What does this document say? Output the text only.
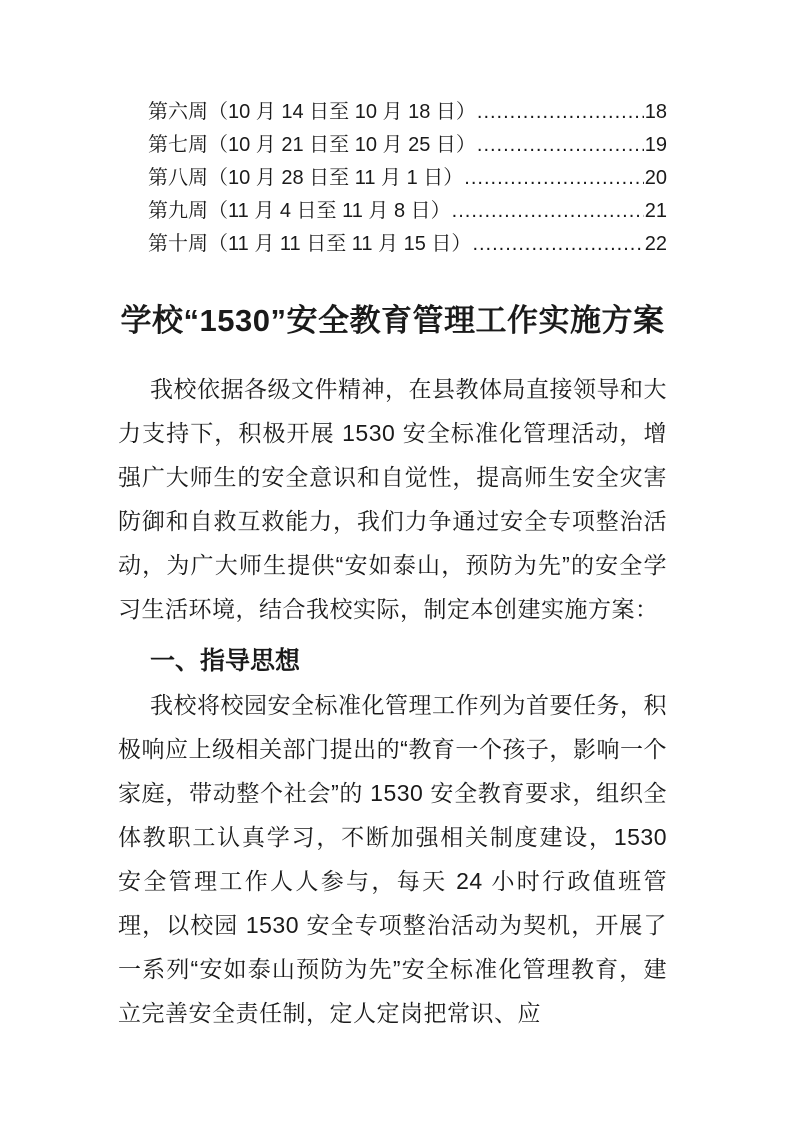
第六周（10 月 14 日至 10 月 18 日） .....	18
第七周（10 月 21 日至 10 月 25 日） .....	19
第八周（10 月 28 日至 11 月 1 日） .....	20
第九周（11 月 4 日至 11 月 8 日） .....	21
第十周（11 月 11 日至 11 月 15 日） .....	22
学校“1530”安全教育管理工作实施方案

我校依据各级文件精神，在县教体局直接领导和大力支持下，积极开展 1530 安全标准化管理活动，增强广大师生的安全意识和自觉性，提高师生安全灾害防御和自救互救能力，我们力争通过安全专项整治活动，为广大师生提供“安如泰山，预防为先”的安全学习生活环境，结合我校实际，制定本创建实施方案：

一、指导思想

我校将校园安全标准化管理工作列为首要任务，积极响应上级相关部门提出的“教育一个孩子，影响一个家庭，带动整个社会”的 1530 安全教育要求，组织全体教职工认真学习，不断加强相关制度建设，1530 安全管理工作人人参与，每天 24 小时行政值班管理，以校园 1530 安全专项整治活动为契机，开展了一系列“安如泰山预防为先”安全标准化管理教育，建立完善安全责任制，定人定岗把常识、应
